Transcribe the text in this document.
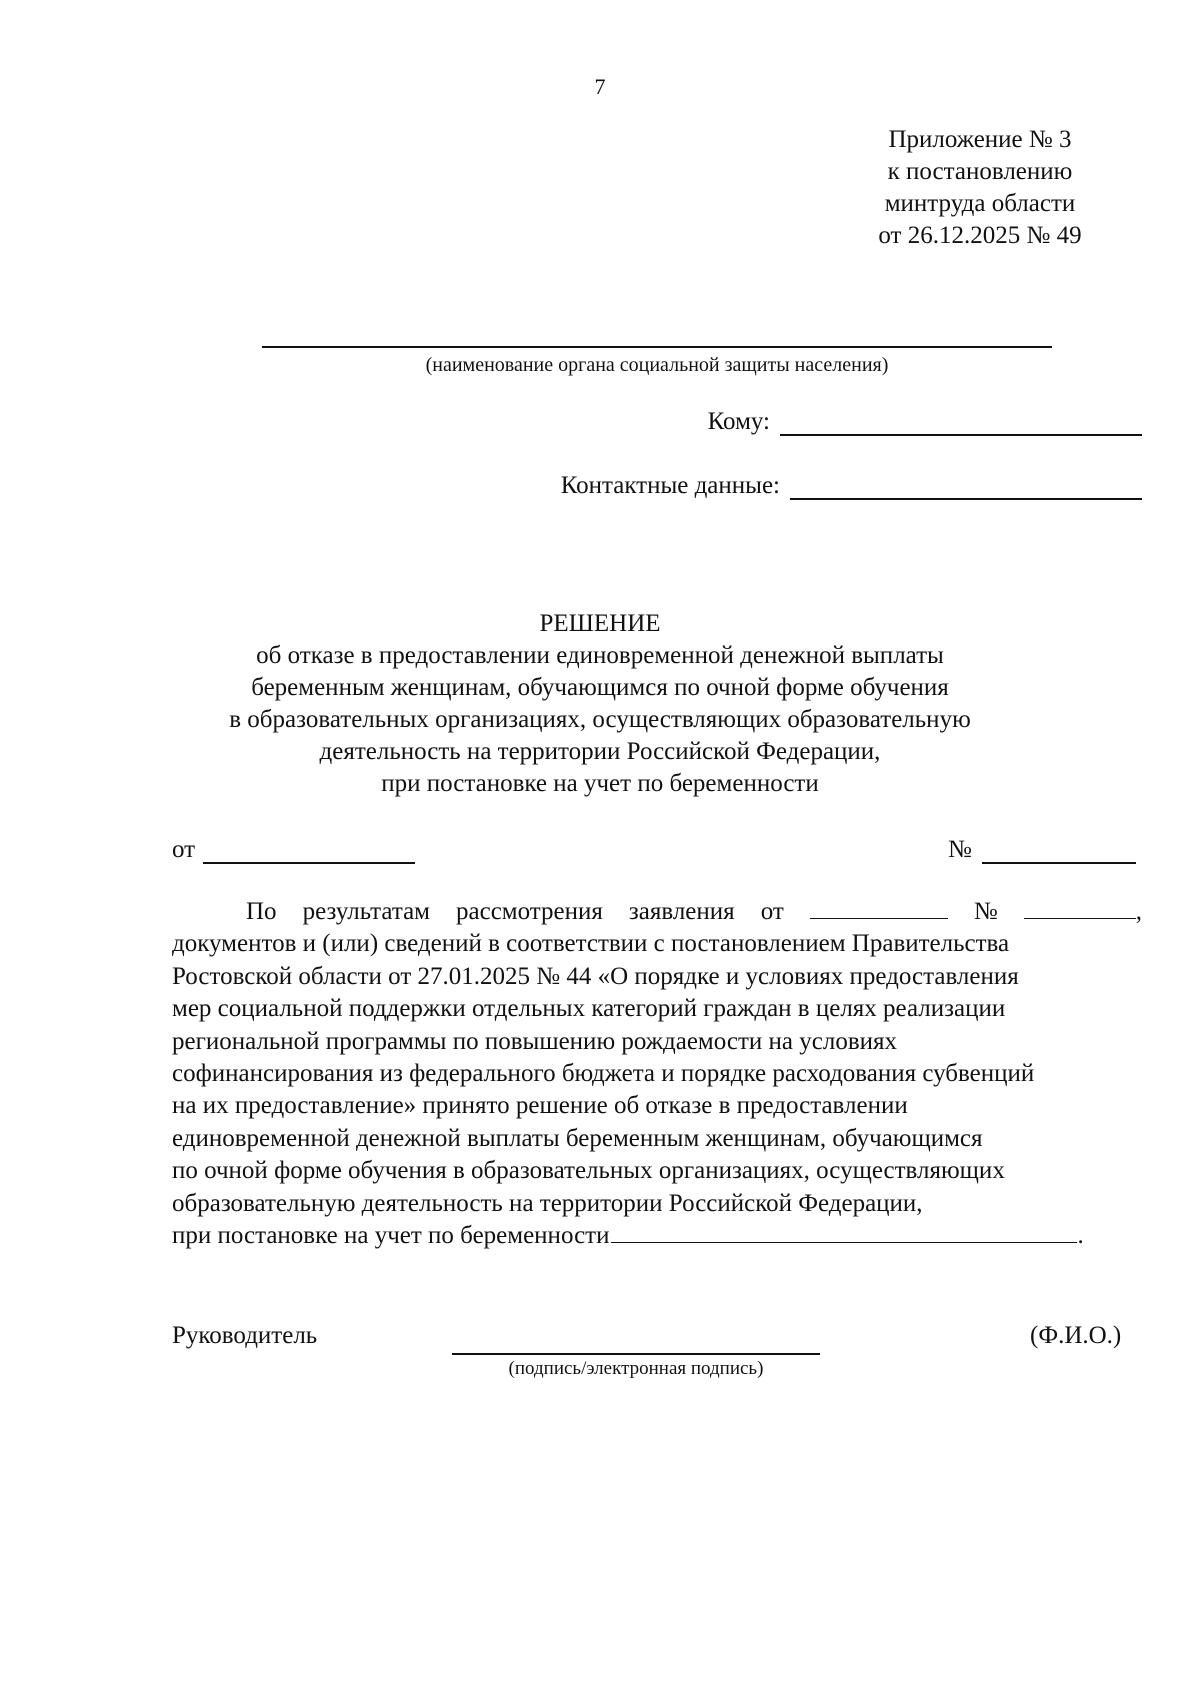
7
Приложение № 3
к постановлению
минтруда области
от 26.12.2025 № 49
(наименование органа социальной защиты населения)
Кому:
Контактные данные:
РЕШЕНИЕ
об отказе в предоставлении единовременной денежной выплаты
беременным женщинам, обучающимся по очной форме обучения
в образовательных организациях, осуществляющих образовательную
деятельность на территории Российской Федерации,
при постановке на учет по беременности
от	№
По результатам рассмотрения заявления от	№	,
документов и (или) сведений в соответствии с постановлением Правительства
Ростовской области от 27.01.2025 № 44 «О порядке и условиях предоставления
мер социальной поддержки отдельных категорий граждан в целях реализации
региональной программы по повышению рождаемости на условиях
софинансирования из федерального бюджета и порядке расходования субвенций
на их предоставление» принято решение об отказе в предоставлении
единовременной денежной выплаты беременным женщинам, обучающимся
по очной форме обучения в образовательных организациях, осуществляющих
образовательную деятельность на территории Российской Федерации,
при постановке на учет по беременности	.
Руководитель
(подпись/электронная подпись)
(Ф.И.О.)
